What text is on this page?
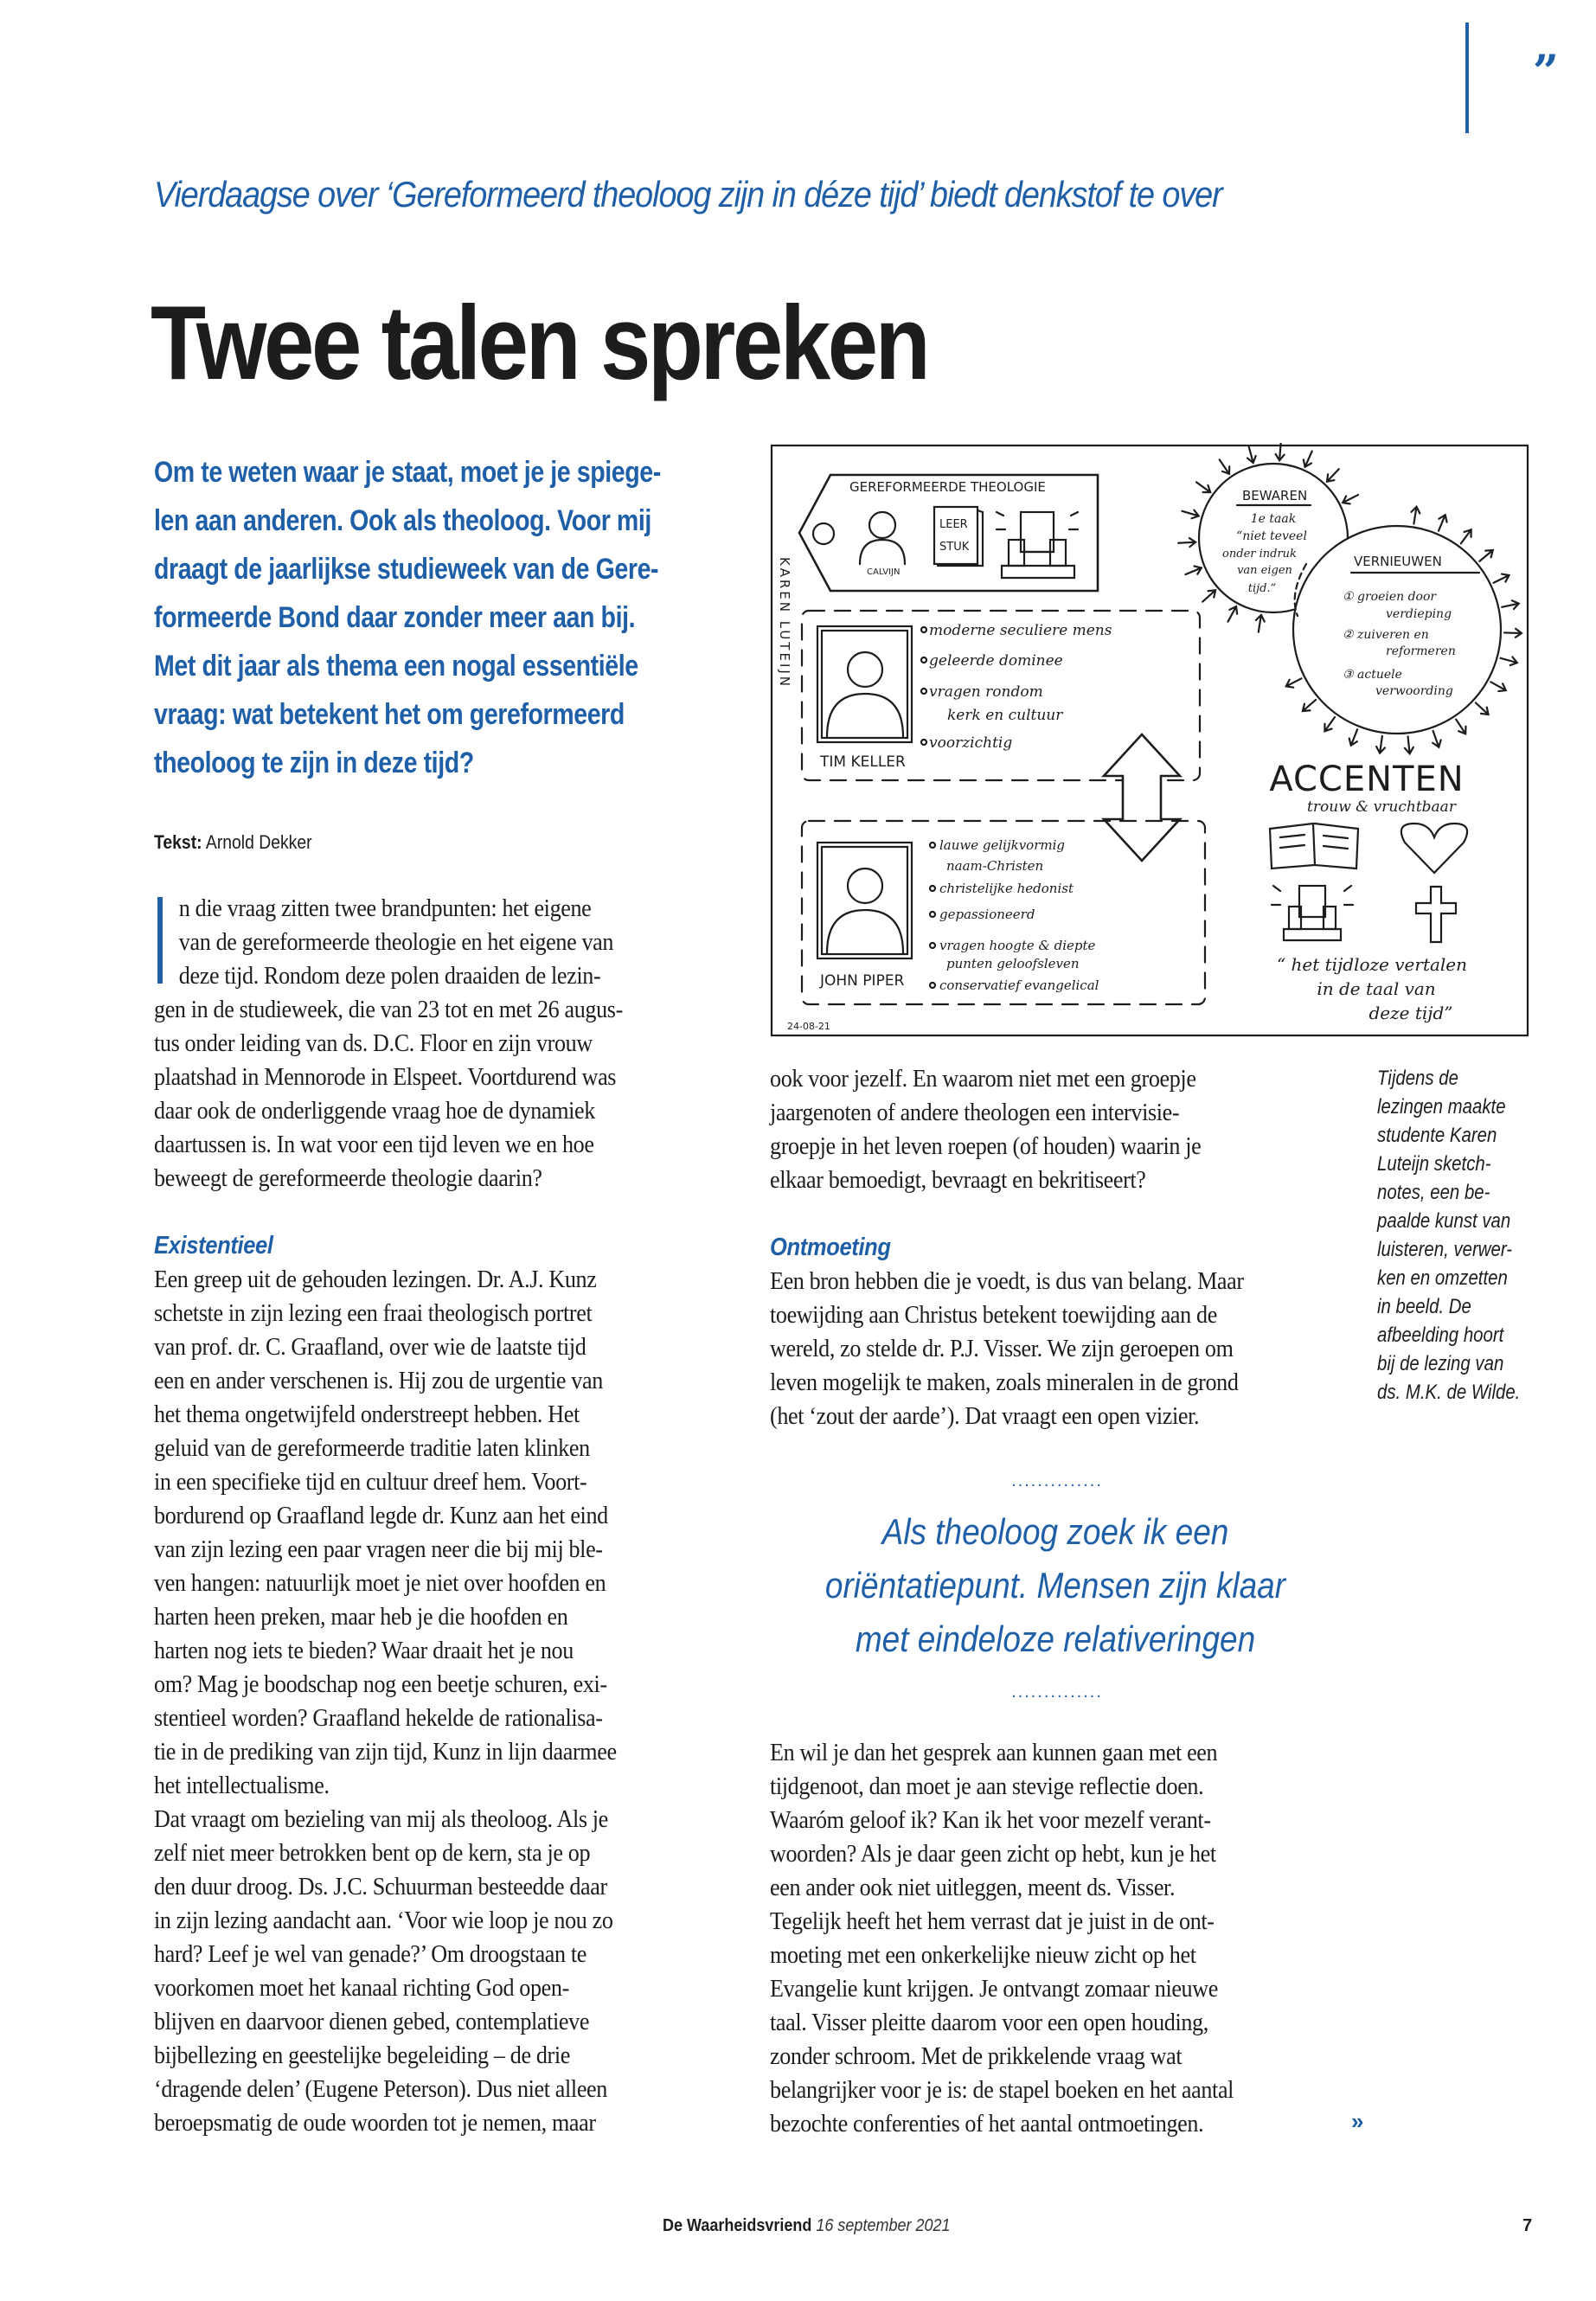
”
Vierdaagse over ‘Gereformeerd theoloog zijn in déze tijd’ biedt denkstof te over
Twee talen spreken
Om te weten waar je staat, moet je je spiege-
len aan anderen. Ook als theoloog. Voor mij
draagt de jaarlijkse studieweek van de Gere-
formeerde Bond daar zonder meer aan bij.
Met dit jaar als thema een nogal essentiële
vraag: wat betekent het om gereformeerd
theoloog te zijn in deze tijd?
Tekst: Arnold Dekker
n die vraag zitten twee brandpunten: het eigene
van de gereformeerde theologie en het eigene van
deze tijd. Rondom deze polen draaiden de lezin-
gen in de studieweek, die van 23 tot en met 26 augus-
tus onder leiding van ds. D.C. Floor en zijn vrouw
plaatshad in Mennorode in Elspeet. Voortdurend was
daar ook de onderliggende vraag hoe de dynamiek
daartussen is. In wat voor een tijd leven we en hoe
beweegt de gereformeerde theologie daarin?
Existentieel
Een greep uit de gehouden lezingen. Dr. A.J. Kunz
schetste in zijn lezing een fraai theologisch portret
van prof. dr. C. Graafland, over wie de laatste tijd
een en ander verschenen is. Hij zou de urgentie van
het thema ongetwijfeld onderstreept hebben. Het
geluid van de gereformeerde traditie laten klinken
in een specifieke tijd en cultuur dreef hem. Voort-
bordurend op Graafland legde dr. Kunz aan het eind
van zijn lezing een paar vragen neer die bij mij ble-
ven hangen: natuurlijk moet je niet over hoofden en
harten heen preken, maar heb je die hoofden en
harten nog iets te bieden? Waar draait het je nou
om? Mag je boodschap nog een beetje schuren, exi-
stentieel worden? Graafland hekelde de rationalisa-
tie in de prediking van zijn tijd, Kunz in lijn daarmee
het intellectualisme.
Dat vraagt om bezieling van mij als theoloog. Als je
zelf niet meer betrokken bent op de kern, sta je op
den duur droog. Ds. J.C. Schuurman besteedde daar
in zijn lezing aandacht aan. ‘Voor wie loop je nou zo
hard? Leef je wel van genade?’ Om droogstaan te
voorkomen moet het kanaal richting God open-
blijven en daarvoor dienen gebed, contemplatieve
bijbellezing en geestelijke begeleiding – de drie
‘dragende delen’ (Eugene Peterson). Dus niet alleen
beroepsmatig de oude woorden tot je nemen, maar
ook voor jezelf. En waarom niet met een groepje
jaargenoten of andere theologen een intervisie-
groepje in het leven roepen (of houden) waarin je
elkaar bemoedigt, bevraagt en bekritiseert?
Ontmoeting
Een bron hebben die je voedt, is dus van belang. Maar
toewijding aan Christus betekent toewijding aan de
wereld, zo stelde dr. P.J. Visser. We zijn geroepen om
leven mogelijk te maken, zoals mineralen in de grond
(het ‘zout der aarde’). Dat vraagt een open vizier.
En wil je dan het gesprek aan kunnen gaan met een
tijdgenoot, dan moet je aan stevige reflectie doen.
Waaróm geloof ik? Kan ik het voor mezelf verant-
woorden? Als je daar geen zicht op hebt, kun je het
een ander ook niet uitleggen, meent ds. Visser.
Tegelijk heeft het hem verrast dat je juist in de ont-
moeting met een onkerkelijke nieuw zicht op het
Evangelie kunt krijgen. Je ontvangt zomaar nieuwe
taal. Visser pleitte daarom voor een open houding,
zonder schroom. Met de prikkelende vraag wat
belangrijker voor je is: de stapel boeken en het aantal
bezochte conferenties of het aantal ontmoetingen.
..............
Als theoloog zoek ik een
oriëntatiepunt. Mensen zijn klaar
met eindeloze relativeringen
..............
»
Tijdens de
lezingen maakte
studente Karen
Luteijn sketch-
notes, een be-
paalde kunst van
luisteren, verwer-
ken en omzetten
in beeld. De
afbeelding hoort
bij de lezing van
ds. M.K. de Wilde.
GEREFORMEERDE THEOLOGIE
CALVIJN
LEER
STUK
KAREN LUTEIJN
TIM KELLER
moderne seculiere mens
geleerde dominee
vragen rondom
kerk en cultuur
voorzichtig
JOHN PIPER
lauwe gelijkvormig
naam-Christen
christelijke hedonist
gepassioneerd
vragen hoogte & diepte
punten geloofsleven
conservatief evangelical
24-08-21
BEWAREN
1e taak
“niet teveel
onder indruk
van eigen
tijd.”
VERNIEUWEN
① groeien door
verdieping
② zuiveren en
reformeren
③ actuele
verwoording
ACCENTEN
trouw & vruchtbaar
“ het tijdloze vertalen
in de taal van
deze tijd”
De Waarheidsvriend 16 september 2021	7
